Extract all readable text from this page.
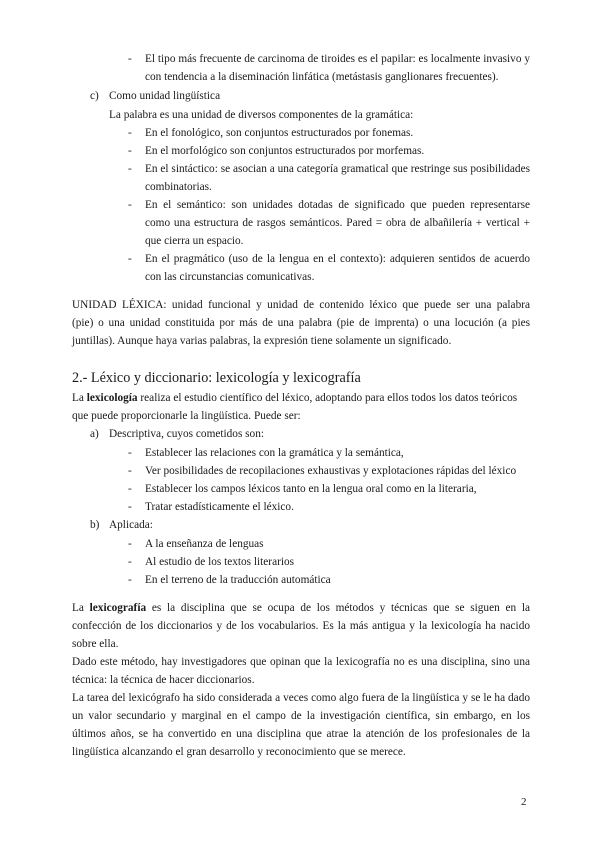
- El tipo más frecuente de carcinoma de tiroides es el papilar: es localmente invasivo y
con tendencia a la diseminación linfática (metástasis ganglionares frecuentes).
c) Como unidad lingüística
La palabra es una unidad de diversos componentes de la gramática:
- En el fonológico, son conjuntos estructurados por fonemas.
- En el morfológico son conjuntos estructurados por morfemas.
- En el sintáctico: se asocian a una categoría gramatical que restringe sus posibilidades
combinatorias.
- En el semántico: son unidades dotadas de significado que pueden representarse
como una estructura de rasgos semánticos. Pared = obra de albañilería + vertical +
que cierra un espacio.
- En el pragmático (uso de la lengua en el contexto): adquieren sentidos de acuerdo
con las circunstancias comunicativas.
UNIDAD LÉXICA: unidad funcional y unidad de contenido léxico que puede ser una palabra
(pie) o una unidad constituida por más de una palabra (pie de imprenta) o una locución (a pies
juntillas). Aunque haya varias palabras, la expresión tiene solamente un significado.
2.- Léxico y diccionario: lexicología y lexicografía
La lexicología realiza el estudio científico del léxico, adoptando para ellos todos los datos teóricos
que puede proporcionarle la lingüística. Puede ser:
a) Descriptiva, cuyos cometidos son:
- Establecer las relaciones con la gramática y la semántica,
- Ver posibilidades de recopilaciones exhaustivas y explotaciones rápidas del léxico
- Establecer los campos léxicos tanto en la lengua oral como en la literaria,
- Tratar estadísticamente el léxico.
b) Aplicada:
- A la enseñanza de lenguas
- Al estudio de los textos literarios
- En el terreno de la traducción automática
La lexicografía es la disciplina que se ocupa de los métodos y técnicas que se siguen en la
confección de los diccionarios y de los vocabularios. Es la más antigua y la lexicología ha nacido
sobre ella.
Dado este método, hay investigadores que opinan que la lexicografía no es una disciplina, sino una
técnica: la técnica de hacer diccionarios.
La tarea del lexicógrafo ha sido considerada a veces como algo fuera de la lingüística y se le ha dado
un valor secundario y marginal en el campo de la investigación científica, sin embargo, en los
últimos años, se ha convertido en una disciplina que atrae la atención de los profesionales de la
lingüística alcanzando el gran desarrollo y reconocimiento que se merece.
2
